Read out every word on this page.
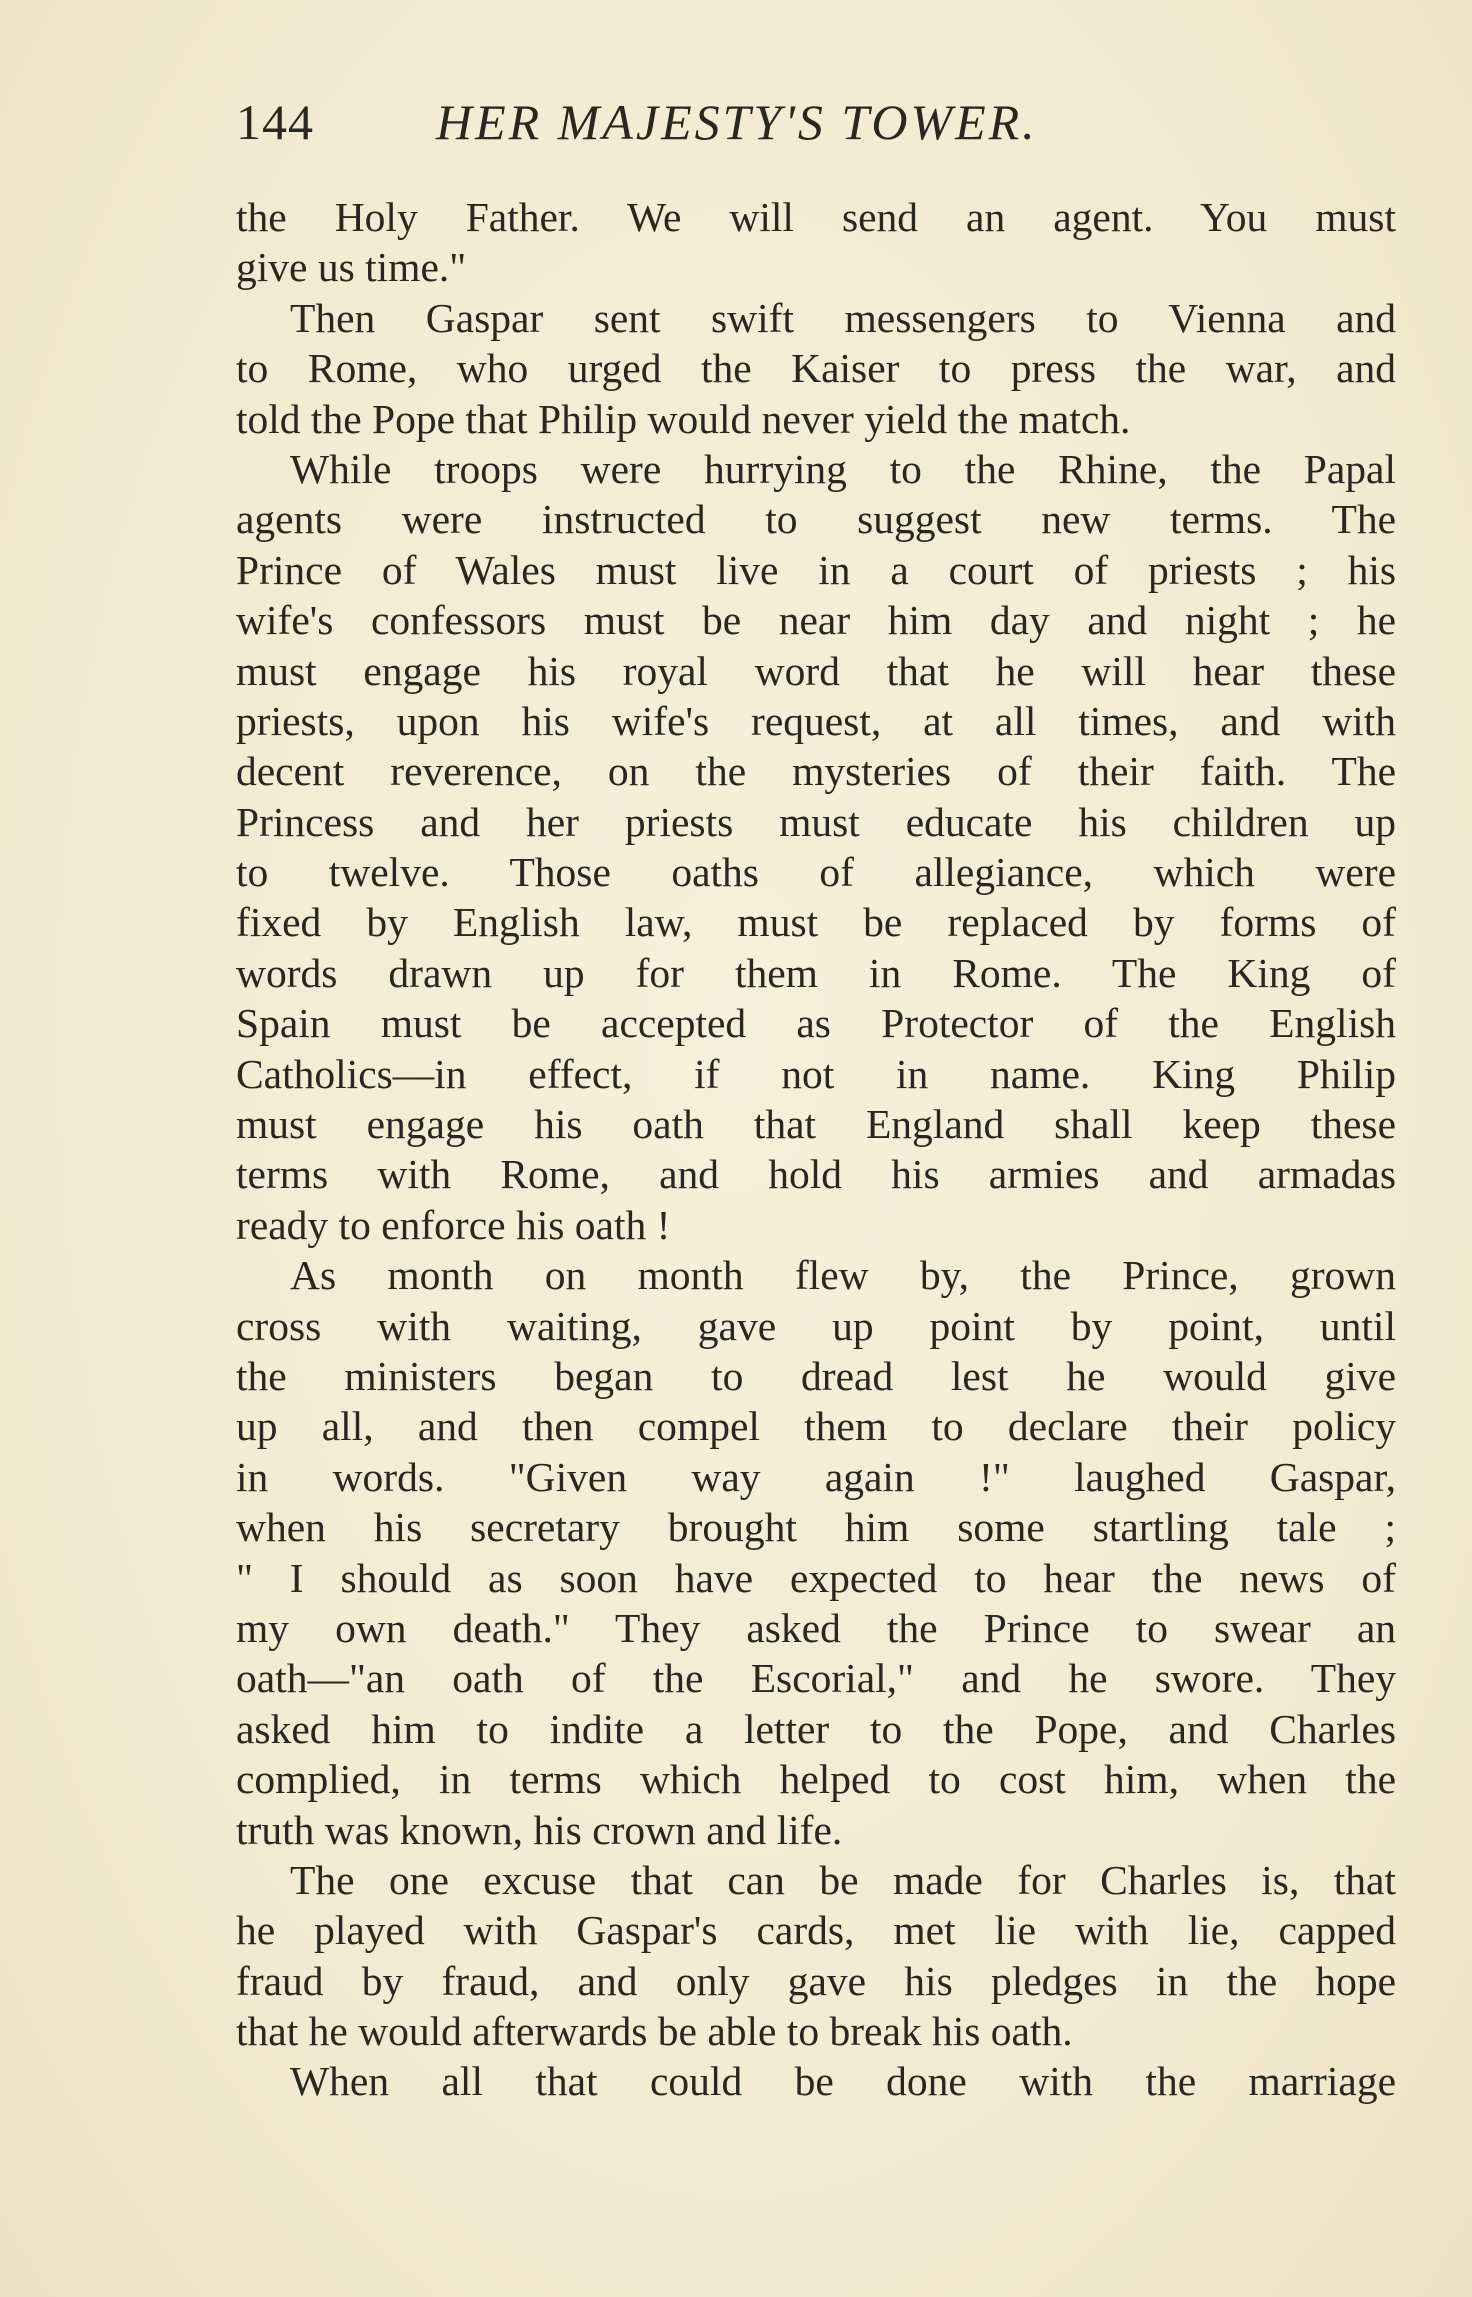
144 HER MAJESTY'S TOWER.
the Holy Father. We will send an agent. You must
give us time."
Then Gaspar sent swift messengers to Vienna and
to Rome, who urged the Kaiser to press the war, and
told the Pope that Philip would never yield the match.
While troops were hurrying to the Rhine, the Papal
agents were instructed to suggest new terms. The
Prince of Wales must live in a court of priests ; his
wife's confessors must be near him day and night ; he
must engage his royal word that he will hear these
priests, upon his wife's request, at all times, and with
decent reverence, on the mysteries of their faith. The
Princess and her priests must educate his children up
to twelve. Those oaths of allegiance, which were
fixed by English law, must be replaced by forms of
words drawn up for them in Rome. The King of
Spain must be accepted as Protector of the English
Catholics—in effect, if not in name. King Philip
must engage his oath that England shall keep these
terms with Rome, and hold his armies and armadas
ready to enforce his oath !
As month on month flew by, the Prince, grown
cross with waiting, gave up point by point, until
the ministers began to dread lest he would give
up all, and then compel them to declare their policy
in words. "Given way again !" laughed Gaspar,
when his secretary brought him some startling tale ;
" I should as soon have expected to hear the news of
my own death." They asked the Prince to swear an
oath—"an oath of the Escorial," and he swore. They
asked him to indite a letter to the Pope, and Charles
complied, in terms which helped to cost him, when the
truth was known, his crown and life.
The one excuse that can be made for Charles is, that
he played with Gaspar's cards, met lie with lie, capped
fraud by fraud, and only gave his pledges in the hope
that he would afterwards be able to break his oath.
When all that could be done with the marriage
